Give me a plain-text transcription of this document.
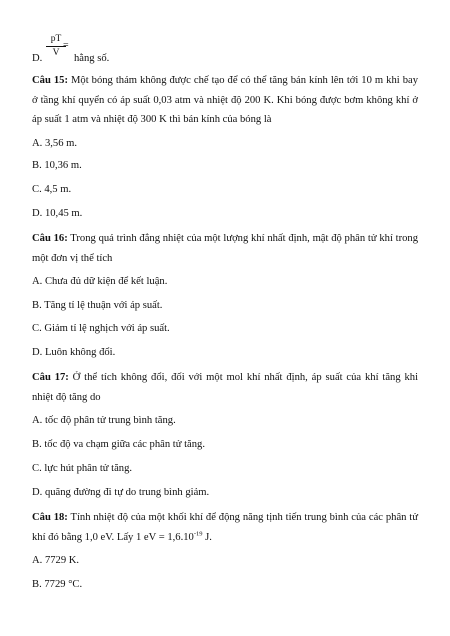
D. $\frac{pT}{V}$
=
hằng số.

Câu 15: Một bóng thám không được chế tạo để có thể tăng bán kính lên tới 10 m khi bay ở tầng khí quyển có áp suất 0,03 atm và nhiệt độ 200 K. Khi bóng được bơm không khí ở áp suất 1 atm và nhiệt độ 300 K thì bán kính của bóng là

A. 3,56 m.

B. 10,36 m.

C. 4,5 m.

D. 10,45 m.

Câu 16: Trong quá trình đẳng nhiệt của một lượng khí nhất định, mật độ phân tử khí trong một đơn vị thể tích

A. Chưa đủ dữ kiện để kết luận.

B. Tăng tỉ lệ thuận với áp suất.

C. Giảm tỉ lệ nghịch với áp suất.

D. Luôn không đổi.

Câu 17: Ở thể tích không đổi, đối với một mol khí nhất định, áp suất của khí tăng khi nhiệt độ tăng do

A. tốc độ phân tử trung bình tăng.

B. tốc độ va chạm giữa các phân tử tăng.

C. lực hút phân tử tăng.

D. quãng đường đi tự do trung bình giảm.

Câu 18: Tính nhiệt độ của một khối khí để động năng tịnh tiến trung bình của các phân tử khí đó bằng 1,0 eV. Lấy 1 eV = $1,6.10^{-19}$ J.

A. 7729 K.

B. 7729 °C.
